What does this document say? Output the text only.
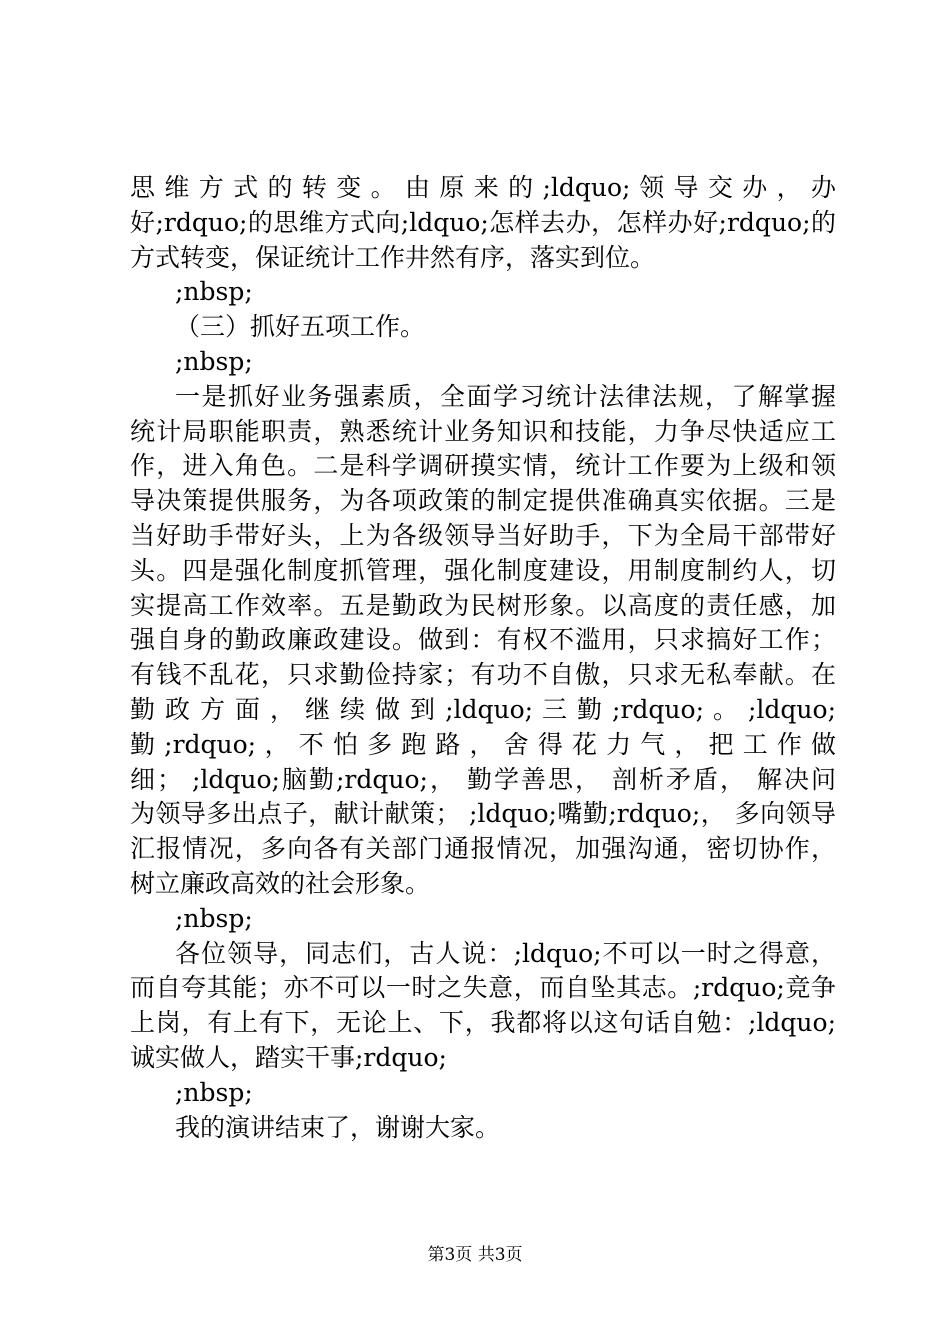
思 维 方 式 的 转 变 。 由 原 来 的 ;ldquo; 领 导 交 办 ， 办
好;rdquo;的思维方式向;ldquo;怎样去办，怎样办好;rdquo;的
方式转变，保证统计工作井然有序，落实到位。
;nbsp;
（三）抓好五项工作。
;nbsp;
一是抓好业务强素质，全面学习统计法律法规，了解掌握
统计局职能职责，熟悉统计业务知识和技能，力争尽快适应工
作，进入角色。二是科学调研摸实情，统计工作要为上级和领
导决策提供服务，为各项政策的制定提供准确真实依据。三是
当好助手带好头，上为各级领导当好助手，下为全局干部带好
头。四是强化制度抓管理，强化制度建设，用制度制约人，切
实提高工作效率。五是勤政为民树形象。以高度的责任感，加
强自身的勤政廉政建设。做到：有权不滥用，只求搞好工作；
有钱不乱花，只求勤俭持家；有功不自傲，只求无私奉献。在
勤 政 方 面 ， 继 续 做 到 ;ldquo; 三 勤 ;rdquo; 。 ;ldquo;
勤 ;rdquo; ， 不 怕 多 跑 路 ， 舍 得 花 力 气 ， 把 工 作 做
细； ;ldquo;脑勤;rdquo;， 勤学善思， 剖析矛盾， 解决问
为领导多出点子，献计献策； ;ldquo;嘴勤;rdquo;， 多向领导
汇报情况，多向各有关部门通报情况，加强沟通，密切协作，
树立廉政高效的社会形象。
;nbsp;
各位领导，同志们，古人说：;ldquo;不可以一时之得意，
而自夸其能；亦不可以一时之失意，而自坠其志。;rdquo;竞争
上岗，有上有下，无论上、下，我都将以这句话自勉：;ldquo;
诚实做人，踏实干事;rdquo;
;nbsp;
我的演讲结束了，谢谢大家。
第3页 共3页
